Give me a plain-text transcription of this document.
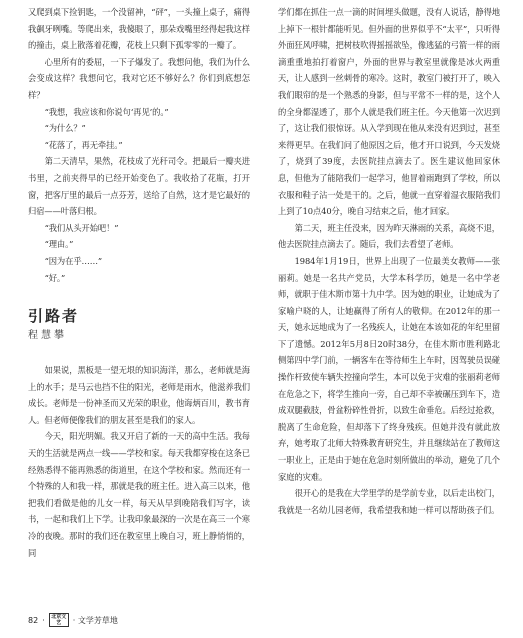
又爬到桌下捡钥匙，一个没留神，“砰”，一头撞上桌子，痛得我飙牙咧嘴。等爬出来，我傻眼了，那朵戏嘴里经得起我这样的撞击，桌上散落着花瓣，花枝上只剩下孤零零的一瓣了。

心里所有的委屈，一下子爆发了。我想问他，我们为什么会变成这样？我想问它，我对它还不够好么？你们到底想怎样？

“我想，我应该和你说句‘再见’的。”

“为什么？”

“花落了，再无牵挂。”

第二天清早，果然，花枝成了光秆司令。把最后一瓣夹进书里，之前夹得早的已经开始变色了。我收拾了花瓶，打开窗，把客厅里的最后一点芬芳，送给了自然，这才是它最好的归宿——叶落归根。

“我们从头开始吧！”

“理由。”

“因为在乎……”

“好。”

引路者
程慧攀

如果说，黑板是一望无垠的知识海洋，那么，老师就是海上的水手；是马云也挡不住的阳光，老师是雨水，他滋养我们成长。老师是一份神圣而又光荣的职业，他诲炳百川，教书育人。但老师便像我们的朋友甚至是我们的家人。

今天，阳光明媚。我又开启了新的一天的高中生活。我每天的生活就是两点一线——学校和家。每天我都穿梭在这条已经熟悉得不能再熟悉的街道里，在这个学校和家。然而还有一个特殊的人和我一样，那就是我的班主任。进入高三以来，他把我们看做是他的儿女一样，每天从早到晚陪我们写字，读书，一起和我们上下学。让我印象最深的一次是在高三一个寒冷的夜晚。那时的我们还在教室里上晚自习，班上静悄悄的，同

学们都在抓住一点一滴的时间埋头做题，没有人说话，静得地上掉下一根针都能听见。但外面的世界似乎不“太平”，只听得外面狂风呼啸，把树枝吹得摇摇欲坠，像逃猛的弓箭一样的雨滴重重地拍打着窗户，外面的世界与教室里就像是冰火两重天，让人感到一丝刺骨的寒冷。这时，教室门被打开了，映入我们眼帘的是一个熟悉的身影，但与平常不一样的是，这个人的全身都湿透了，那个人就是我们班主任。今天他第一次迟到了，这让我们很惊讶。从入学到现在他从来没有迟到过，甚至来得更早。在我们问了他原因之后，他才开口说到，今天发烧了，烧到了39度，去医院挂点滴去了。医生建议他回家休息，但他为了能陪我们一起学习，他冒着雨跑到了学校，所以衣服和鞋子沾一处是干的。之后，他就一直穿着湿衣服陪我们上到了10点40分，晚自习结束之后，他才回家。

第二天，班主任没来，因为昨天淋雨的关系，高烧不退，他去医院挂点滴去了。随后，我们去看望了老师。

1984年1月19日，世界上出现了一位最美女教师——张丽莉。她是一名共产党员，大学本科学历，她是一名中学老师，就职于佳木斯市第十九中学。因为她的职业，让她成为了家喻户晓的人，让她赢得了所有人的敬仰。在2012年的那一天，她永远地成为了一名残疾人，让她在本该如花的年纪里留下了遗憾。2012年5月8日20时38分，在佳木斯市胜利路北侧第四中学门前，一辆客车在等待师生上车时，因驾驶员误碰操作杆致使车辆失控撞向学生，本可以免于灾难的张丽莉老师在危急之下，将学生推向一旁，自己却不幸被碾压到车下，造成双腿截肢，骨盆粉碎性骨折，以致生命垂危。后经过抢救，脱离了生命危险，但却落下了终身残疾。但她并没有就此放弃，她考取了北师大特殊教育研究生，并且继续站在了教师这一职业上，正是由于她在危急时刻所做出的举动，避免了几个家庭的灾难。

很开心的是我在大学里学的是学前专业，以后走出校门，我就是一名幼儿园老师，我希望我和她一样可以帮助孩子们。

82 ·	北京文艺	· 文学芳草地
